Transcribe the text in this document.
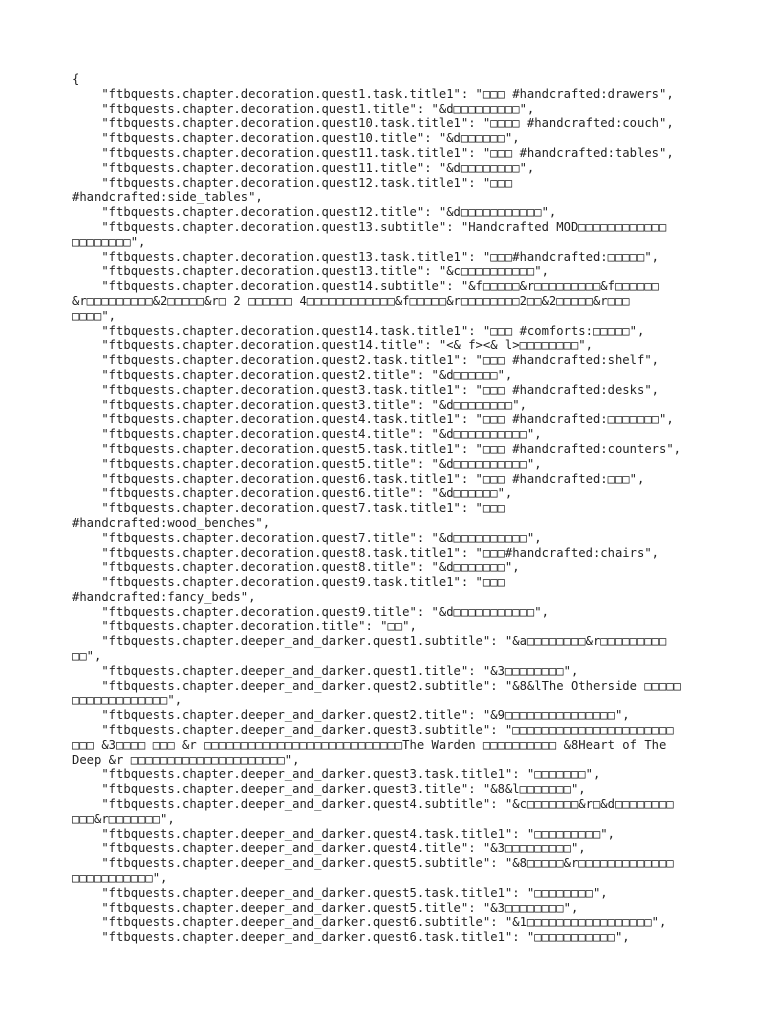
{
"ftbquests.chapter.decoration.quest1.task.title1": "□□□ #handcrafted:drawers",
"ftbquests.chapter.decoration.quest1.title": "&d□□□□□□□□□",
"ftbquests.chapter.decoration.quest10.task.title1": "□□□□ #handcrafted:couch",
"ftbquests.chapter.decoration.quest10.title": "&d□□□□□□",
"ftbquests.chapter.decoration.quest11.task.title1": "□□□ #handcrafted:tables",
"ftbquests.chapter.decoration.quest11.title": "&d□□□□□□□□",
"ftbquests.chapter.decoration.quest12.task.title1": "□□□
#handcrafted:side_tables",
"ftbquests.chapter.decoration.quest12.title": "&d□□□□□□□□□□□",
"ftbquests.chapter.decoration.quest13.subtitle": "Handcrafted MOD□□□□□□□□□□□□
□□□□□□□□",
"ftbquests.chapter.decoration.quest13.task.title1": "□□□#handcrafted:□□□□□",
"ftbquests.chapter.decoration.quest13.title": "&c□□□□□□□□□□",
"ftbquests.chapter.decoration.quest14.subtitle": "&f□□□□□&r□□□□□□□□□&f□□□□□□
&r□□□□□□□□□&2□□□□□&r□ 2 □□□□□□ 4□□□□□□□□□□□□&f□□□□□&r□□□□□□□□2□□&2□□□□□&r□□□
□□□□",
"ftbquests.chapter.decoration.quest14.task.title1": "□□□ #comforts:□□□□□",
"ftbquests.chapter.decoration.quest14.title": "<& f><& l>□□□□□□□□",
"ftbquests.chapter.decoration.quest2.task.title1": "□□□ #handcrafted:shelf",
"ftbquests.chapter.decoration.quest2.title": "&d□□□□□□",
"ftbquests.chapter.decoration.quest3.task.title1": "□□□ #handcrafted:desks",
"ftbquests.chapter.decoration.quest3.title": "&d□□□□□□□□",
"ftbquests.chapter.decoration.quest4.task.title1": "□□□ #handcrafted:□□□□□□□",
"ftbquests.chapter.decoration.quest4.title": "&d□□□□□□□□□□",
"ftbquests.chapter.decoration.quest5.task.title1": "□□□ #handcrafted:counters",
"ftbquests.chapter.decoration.quest5.title": "&d□□□□□□□□□□",
"ftbquests.chapter.decoration.quest6.task.title1": "□□□ #handcrafted:□□□",
"ftbquests.chapter.decoration.quest6.title": "&d□□□□□□",
"ftbquests.chapter.decoration.quest7.task.title1": "□□□
#handcrafted:wood_benches",
"ftbquests.chapter.decoration.quest7.title": "&d□□□□□□□□□□",
"ftbquests.chapter.decoration.quest8.task.title1": "□□□#handcrafted:chairs",
"ftbquests.chapter.decoration.quest8.title": "&d□□□□□□□",
"ftbquests.chapter.decoration.quest9.task.title1": "□□□
#handcrafted:fancy_beds",
"ftbquests.chapter.decoration.quest9.title": "&d□□□□□□□□□□□",
"ftbquests.chapter.decoration.title": "□□",
"ftbquests.chapter.deeper_and_darker.quest1.subtitle": "&a□□□□□□□□&r□□□□□□□□□
□□",
"ftbquests.chapter.deeper_and_darker.quest1.title": "&3□□□□□□□□",
"ftbquests.chapter.deeper_and_darker.quest2.subtitle": "&8&lThe Otherside □□□□□
□□□□□□□□□□□□□",
"ftbquests.chapter.deeper_and_darker.quest2.title": "&9□□□□□□□□□□□□□□□",
"ftbquests.chapter.deeper_and_darker.quest3.subtitle": "□□□□□□□□□□□□□□□□□□□□□□
□□□ &3□□□□ □□□ &r □□□□□□□□□□□□□□□□□□□□□□□□□□□The Warden □□□□□□□□□□ &8Heart of The
Deep &r □□□□□□□□□□□□□□□□□□□□□",
"ftbquests.chapter.deeper_and_darker.quest3.task.title1": "□□□□□□□",
"ftbquests.chapter.deeper_and_darker.quest3.title": "&8&l□□□□□□□",
"ftbquests.chapter.deeper_and_darker.quest4.subtitle": "&c□□□□□□□&r□&d□□□□□□□□
□□□&r□□□□□□□",
"ftbquests.chapter.deeper_and_darker.quest4.task.title1": "□□□□□□□□□",
"ftbquests.chapter.deeper_and_darker.quest4.title": "&3□□□□□□□□□",
"ftbquests.chapter.deeper_and_darker.quest5.subtitle": "&8□□□□□&r□□□□□□□□□□□□□
□□□□□□□□□□□",
"ftbquests.chapter.deeper_and_darker.quest5.task.title1": "□□□□□□□□",
"ftbquests.chapter.deeper_and_darker.quest5.title": "&3□□□□□□□□",
"ftbquests.chapter.deeper_and_darker.quest6.subtitle": "&1□□□□□□□□□□□□□□□□□",
"ftbquests.chapter.deeper_and_darker.quest6.task.title1": "□□□□□□□□□□□",
